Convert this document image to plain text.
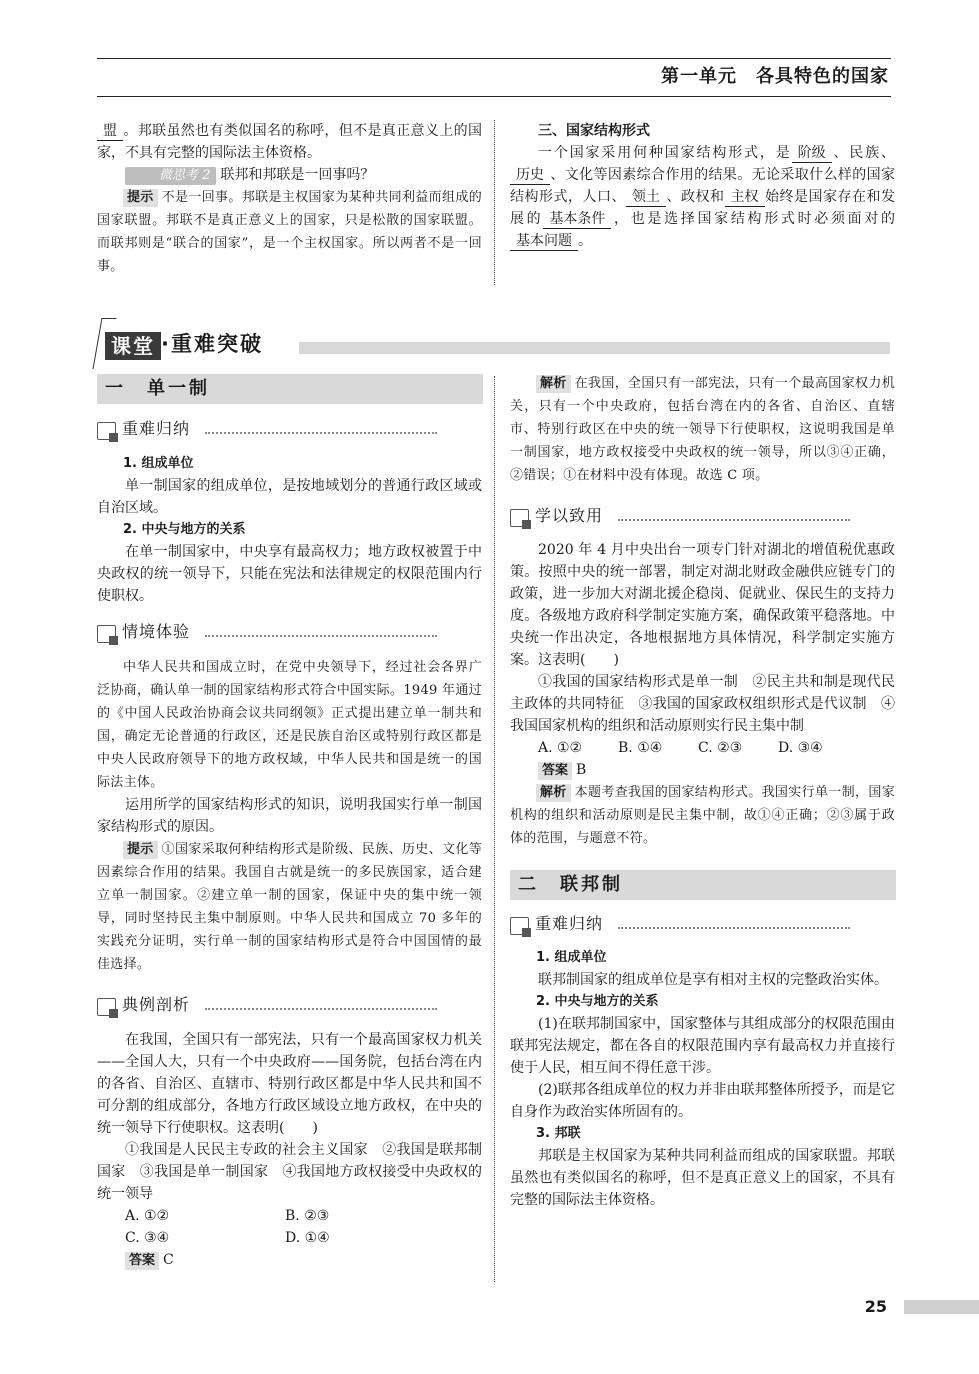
第一单元　各具特色的国家

盟 。邦联虽然也有类似国名的称呼，但不是真正意义上的国家，不具有完整的国际法主体资格。

微思考 2 联邦和邦联是一回事吗？

提示 不是一回事。邦联是主权国家为某种共同利益而组成的国家联盟。邦联不是真正意义上的国家，只是松散的国家联盟。而联邦则是“联合的国家”，是一个主权国家。所以两者不是一回事。

三、国家结构形式

一个国家采用何种国家结构形式，是 阶级 、民族、历史 、文化等因素综合作用的结果。无论采取什么样的国家结构形式，人口、 领土 、政权和 主权 始终是国家存在和发展的 基本条件 ，也是选择国家结构形式时必须面对的基本问题 。

课堂 ·重难突破
一　单一制
重难归纳

1. 组成单位

单一制国家的组成单位，是按地域划分的普通行政区域或自治区域。

2. 中央与地方的关系

在单一制国家中，中央享有最高权力；地方政权被置于中央政权的统一领导下，只能在宪法和法律规定的权限范围内行使职权。

情境体验

中华人民共和国成立时，在党中央领导下，经过社会各界广泛协商，确认单一制的国家结构形式符合中国实际。1949 年通过的《中国人民政治协商会议共同纲领》正式提出建立单一制共和国，确定无论普通的行政区，还是民族自治区或特别行政区都是中央人民政府领导下的地方政权域，中华人民共和国是统一的国际法主体。

运用所学的国家结构形式的知识，说明我国实行单一制国家结构形式的原因。

提示 ①国家采取何种结构形式是阶级、民族、历史、文化等因素综合作用的结果。我国自古就是统一的多民族国家，适合建立单一制国家。②建立单一制的国家，保证中央的集中统一领导，同时坚持民主集中制原则。中华人民共和国成立 70 多年的实践充分证明，实行单一制的国家结构形式是符合中国国情的最佳选择。

典例剖析

在我国，全国只有一部宪法，只有一个最高国家权力机关——全国人大，只有一个中央政府——国务院，包括台湾在内的各省、自治区、直辖市、特别行政区都是中华人民共和国不可分割的组成部分，各地方行政区域设立地方政权，在中央的统一领导下行使职权。这表明(　　)

①我国是人民民主专政的社会主义国家　②我国是联邦制国家　③我国是单一制国家　④我国地方政权接受中央政权的统一领导

A. ①②	B. ②③
C. ③④	D. ①④

答案 C

解析 在我国，全国只有一部宪法，只有一个最高国家权力机关，只有一个中央政府，包括台湾在内的各省、自治区、直辖市、特别行政区在中央的统一领导下行使职权，这说明我国是单一制国家，地方政权接受中央政权的统一领导，所以③④正确，②错误；①在材料中没有体现。故选 C 项。

学以致用

2020 年 4 月中央出台一项专门针对湖北的增值税优惠政策。按照中央的统一部署，制定对湖北财政金融供应链专门的政策，进一步加大对湖北援企稳岗、促就业、保民生的支持力度。各级地方政府科学制定实施方案，确保政策平稳落地。中央统一作出决定，各地根据地方具体情况，科学制定实施方案。这表明(　　)

①我国的国家结构形式是单一制　②民主共和制是现代民主政体的共同特征　③我国的国家政权组织形式是代议制　④我国国家机构的组织和活动原则实行民主集中制

A. ①②	B. ①④	C. ②③	D. ③④

答案 B

解析 本题考查我国的国家结构形式。我国实行单一制，国家机构的组织和活动原则是民主集中制，故①④正确；②③属于政体的范围，与题意不符。

二　联邦制
重难归纳

1. 组成单位

联邦制国家的组成单位是享有相对主权的完整政治实体。

2. 中央与地方的关系

(1)在联邦制国家中，国家整体与其组成部分的权限范围由联邦宪法规定，都在各自的权限范围内享有最高权力并直接行使于人民，相互间不得任意干涉。

(2)联邦各组成单位的权力并非由联邦整体所授予，而是它自身作为政治实体所固有的。

3. 邦联

邦联是主权国家为某种共同利益而组成的国家联盟。邦联虽然也有类似国名的称呼，但不是真正意义上的国家，不具有完整的国际法主体资格。

25
